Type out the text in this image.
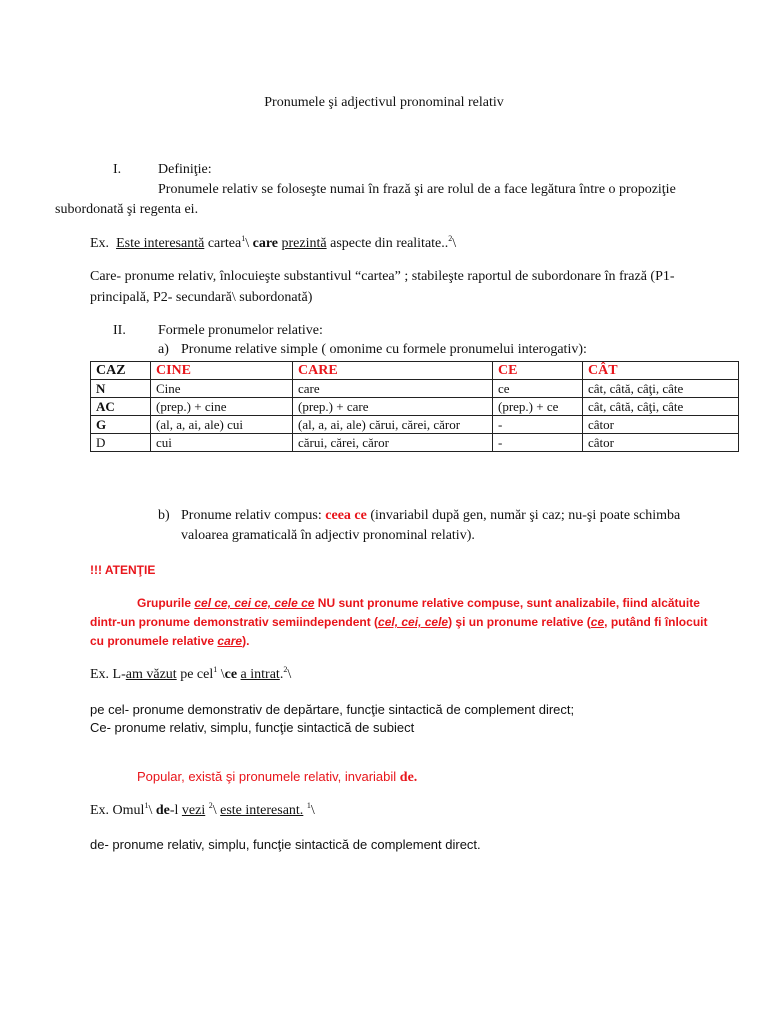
Pronumele şi adjectivul pronominal relativ
I.	Definiţie:
Pronumele relativ se foloseşte numai în frază şi are rolul de a face legătura între o propoziţie
subordonată şi regenta ei.
Ex. Este interesantă cartea$^1$\ care prezintă aspecte din realitate..$^2$\
Care- pronume relativ, înlocuieşte substantivul “cartea” ; stabileşte raportul de subordonare în frază (P1-
principală, P2- secundară\ subordonată)
II. Formele pronumelor relative:
a) Pronume relative simple ( omonime cu formele pronumelui interogativ):
CAZ	CINE	CARE	CE	CÂT
N	Cine	care	ce	cât, câtă, câţi, câte
AC	(prep.) + cine	(prep.) + care	(prep.) + ce	cât, câtă, câţi, câte
G	(al, a, ai, ale) cui	(al, a, ai, ale) cărui, cărei, cǎror	-	câtor
D	cui	cărui, cărei, cǎror	-	câtor
b) Pronume relativ compus: ceea ce (invariabil după gen, număr şi caz; nu-şi poate schimba
valoarea gramaticală în adjectiv pronominal relativ).
!!! ATENŢIE
Grupurile cel ce, cei ce, cele ce NU sunt pronume relative compuse, sunt analizabile, fiind alcătuite
dintr-un pronume demonstrativ semiindependent (cel, cei, cele) şi un pronume relative (ce, putând fi înlocuit
cu pronumele relative care).
Ex. L-am văzut pe cel$^1$ \ce a intrat.$^2$\
pe cel- pronume demonstrativ de depărtare, funcţie sintactică de complement direct;
Ce- pronume relativ, simplu, funcţie sintactică de subiect
Popular, există şi pronumele relativ, invariabil de.
Ex. Omul$^1$\ de-l vezi $^2$\ este interesant. $^1$\
de- pronume relativ, simplu, funcţie sintactică de complement direct.
